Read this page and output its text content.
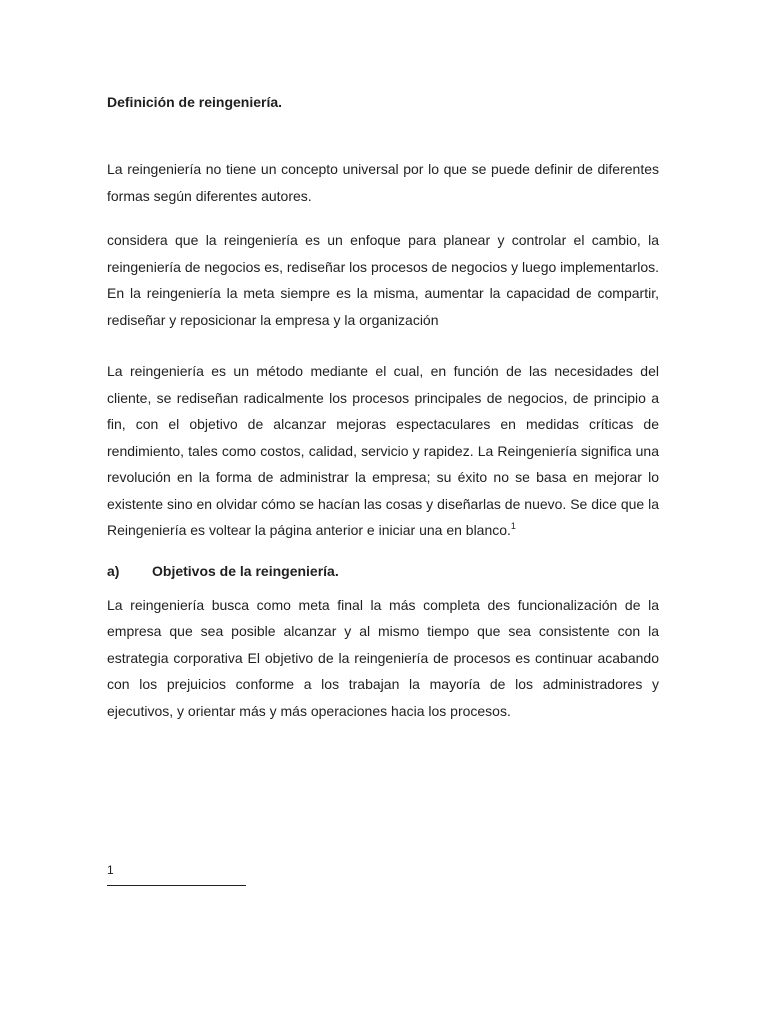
Definición de reingeniería.

La reingeniería no tiene un concepto universal por lo que se puede definir de diferentes formas según diferentes autores.

considera que la reingeniería es un enfoque para planear y controlar el cambio, la reingeniería de negocios es, rediseñar los procesos de negocios y luego implementarlos. En la reingeniería la meta siempre es la misma, aumentar la capacidad de compartir, rediseñar y reposicionar la empresa y la organización

La reingeniería es un método mediante el cual, en función de las necesidades del cliente, se rediseñan radicalmente los procesos principales de negocios, de principio a fin, con el objetivo de alcanzar mejoras espectaculares en medidas críticas de rendimiento, tales como costos, calidad, servicio y rapidez. La Reingeniería significa una revolución en la forma de administrar la empresa; su éxito no se basa en mejorar lo existente sino en olvidar cómo se hacían las cosas y diseñarlas de nuevo. Se dice que la Reingeniería es voltear la página anterior e iniciar una en blanco.$^1$

a)	Objetivos de la reingeniería.

La reingeniería busca como meta final la más completa des funcionalización de la empresa que sea posible alcanzar y al mismo tiempo que sea consistente con la estrategia corporativa El objetivo de la reingeniería de procesos es continuar acabando con los prejuicios conforme a los trabajan la mayoría de los administradores y ejecutivos, y orientar más y más operaciones hacia los procesos.

1
